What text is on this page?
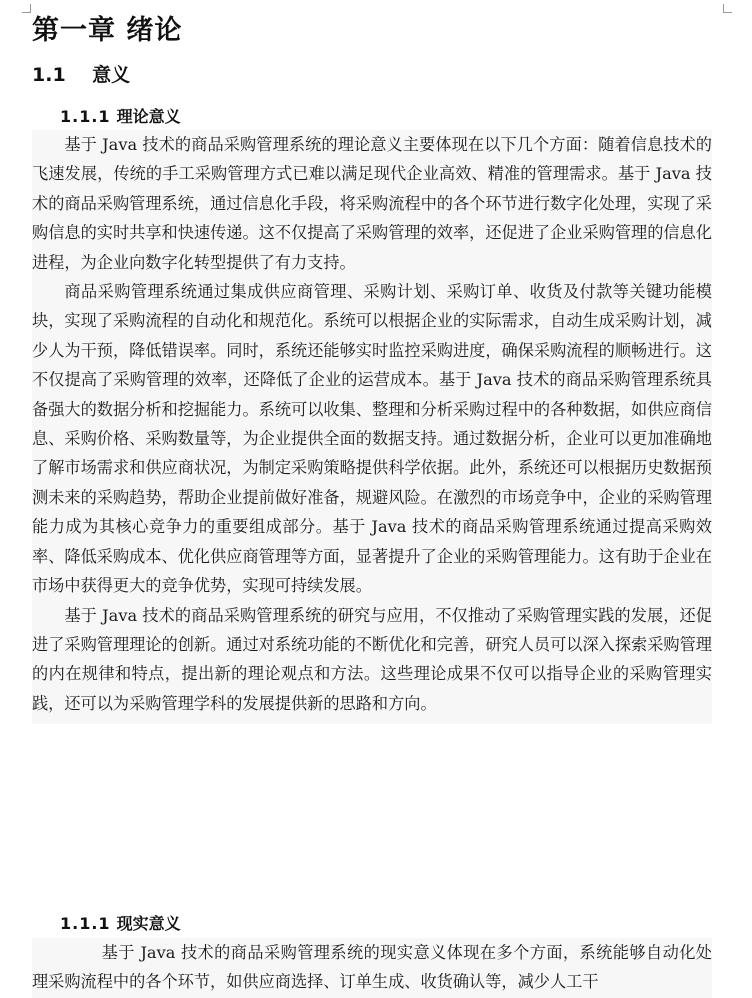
第一章 绪论
1.1 意义
1.1.1 理论意义

基于 Java 技术的商品采购管理系统的理论意义主要体现在以下几个方面：随着信息技术的飞速发展，传统的手工采购管理方式已难以满足现代企业高效、精准的管理需求。基于 Java 技术的商品采购管理系统，通过信息化手段，将采购流程中的各个环节进行数字化处理，实现了采购信息的实时共享和快速传递。这不仅提高了采购管理的效率，还促进了企业采购管理的信息化进程，为企业向数字化转型提供了有力支持。

商品采购管理系统通过集成供应商管理、采购计划、采购订单、收货及付款等关键功能模块，实现了采购流程的自动化和规范化。系统可以根据企业的实际需求，自动生成采购计划，减少人为干预，降低错误率。同时，系统还能够实时监控采购进度，确保采购流程的顺畅进行。这不仅提高了采购管理的效率，还降低了企业的运营成本。基于 Java 技术的商品采购管理系统具备强大的数据分析和挖掘能力。系统可以收集、整理和分析采购过程中的各种数据，如供应商信息、采购价格、采购数量等，为企业提供全面的数据支持。通过数据分析，企业可以更加准确地了解市场需求和供应商状况，为制定采购策略提供科学依据。此外，系统还可以根据历史数据预测未来的采购趋势，帮助企业提前做好准备，规避风险。在激烈的市场竞争中，企业的采购管理能力成为其核心竞争力的重要组成部分。基于 Java 技术的商品采购管理系统通过提高采购效率、降低采购成本、优化供应商管理等方面，显著提升了企业的采购管理能力。这有助于企业在市场中获得更大的竞争优势，实现可持续发展。

基于 Java 技术的商品采购管理系统的研究与应用，不仅推动了采购管理实践的发展，还促进了采购管理理论的创新。通过对系统功能的不断优化和完善，研究人员可以深入探索采购管理的内在规律和特点，提出新的理论观点和方法。这些理论成果不仅可以指导企业的采购管理实践，还可以为采购管理学科的发展提供新的思路和方向。

1.1.1 现实意义

基于 Java 技术的商品采购管理系统的现实意义体现在多个方面，系统能够自动化处理采购流程中的各个环节，如供应商选择、订单生成、收货确认等，减少人工干
